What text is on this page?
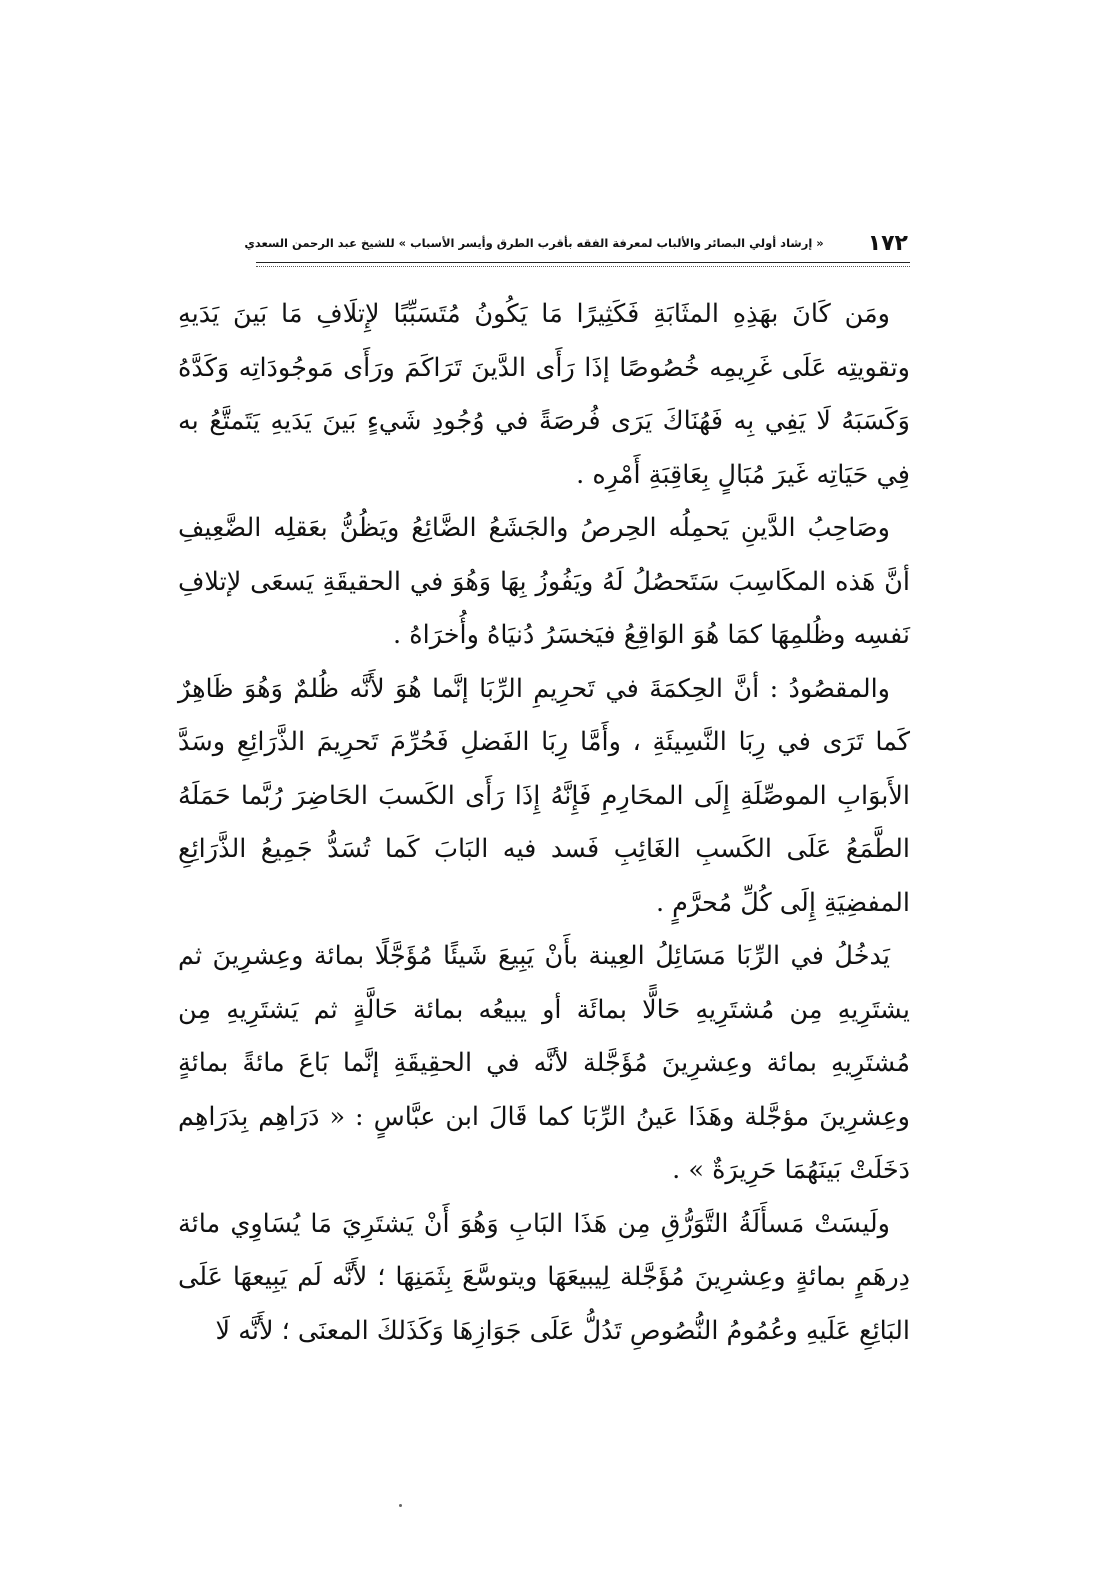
١٧٢
« إرشاد أولي البصائر والألباب لمعرفة الفقه بأقرب الطرق وأيسر الأسباب » للشيخ عبد الرحمن السعدي

ومَن كَانَ بهَذِهِ المثَابَةِ فَكَثِيرًا مَا يَكُونُ مُتَسَبِّبًا لإِتلَافِ مَا بَينَ يَدَيهِ وتقويتِه عَلَى غَرِيمِه خُصُوصًا إذَا رَأَى الدَّينَ تَرَاكَمَ ورَأَى مَوجُودَاتِه وَكَدَّهُ وَكَسَبَهُ لَا يَفِي بِه فَهُنَاكَ يَرَى فُرصَةً في وُجُودِ شَيءٍ بَينَ يَدَيهِ يَتَمتَّعُ به فِي حَيَاتِه غَيرَ مُبَالٍ بِعَاقِبَةِ أَمْرِه .

وصَاحِبُ الدَّينِ يَحمِلُه الحِرصُ والجَشَعُ الضَّائِعُ ويَظُنُّ بعَقلِه الضَّعِيفِ أنَّ هَذه المكَاسِبَ سَتَحصُلُ لَهُ ويَفُوزُ بِهَا وَهُوَ في الحقيقَةِ يَسعَى لإتلافِ نَفسِه وظُلمِهَا كمَا هُوَ الوَاقِعُ فيَخسَرُ دُنيَاهُ وأُخرَاهُ .

والمقصُودُ : أنَّ الحِكمَةَ في تَحرِيمِ الرِّبَا إنَّما هُوَ لأَنَّه ظُلمٌ وَهُوَ ظَاهِرٌ كَما تَرَى في رِبَا النَّسِيئَةِ ، وأَمَّا رِبَا الفَضلِ فَحُرِّمَ تَحرِيمَ الذَّرَائِعِ وسَدَّ الأَبوَابِ الموصِّلَةِ إِلَى المحَارِمِ فَإِنَّهُ إِذَا رَأَى الكَسبَ الحَاضِرَ رُبَّما حَمَلَهُ الطَّمَعُ عَلَى الكَسبِ الغَائِبِ فَسد فيه البَابَ كَما تُسَدُّ جَمِيعُ الذَّرَائِعِ المفضِيَةِ إِلَى كُلِّ مُحرَّمٍ .

يَدخُلُ في الرِّبَا مَسَائِلُ العِينة بأَنْ يَبِيعَ شَيئًا مُؤَجَّلًا بمائة وعِشرِينَ ثم يشتَرِيهِ مِن مُشتَرِيهِ حَالًّا بمائَة أو يبيعُه بمائة حَالَّةٍ ثم يَشتَرِيهِ مِن مُشتَرِيهِ بمائة وعِشرِينَ مُؤَجَّلة لأنَّه في الحقِيقَةِ إنَّما بَاعَ مائةً بمائةٍ وعِشرِينَ مؤجَّلة وهَذَا عَينُ الرِّبَا كما قَالَ ابن عبَّاسٍ : « دَرَاهِم بِدَرَاهِم دَخَلَتْ بَينَهُمَا حَرِيرَةٌ » .

ولَيسَتْ مَسأَلَةُ التَّوَرُّقِ مِن هَذَا البَابِ وَهُوَ أَنْ يَشتَرِيَ مَا يُسَاوِي مائة دِرهَمٍ بمائةٍ وعِشرِينَ مُؤَجَّلة لِيبيعَهَا ويتوسَّعَ بِثَمَنِهَا ؛ لأَنَّه لَم يَبِيعهَا عَلَى البَائِعِ عَلَيهِ وعُمُومُ النُّصُوصِ تَدُلُّ عَلَى جَوَازِهَا وَكَذَلكَ المعنَى ؛ لأَنَّه لَا
